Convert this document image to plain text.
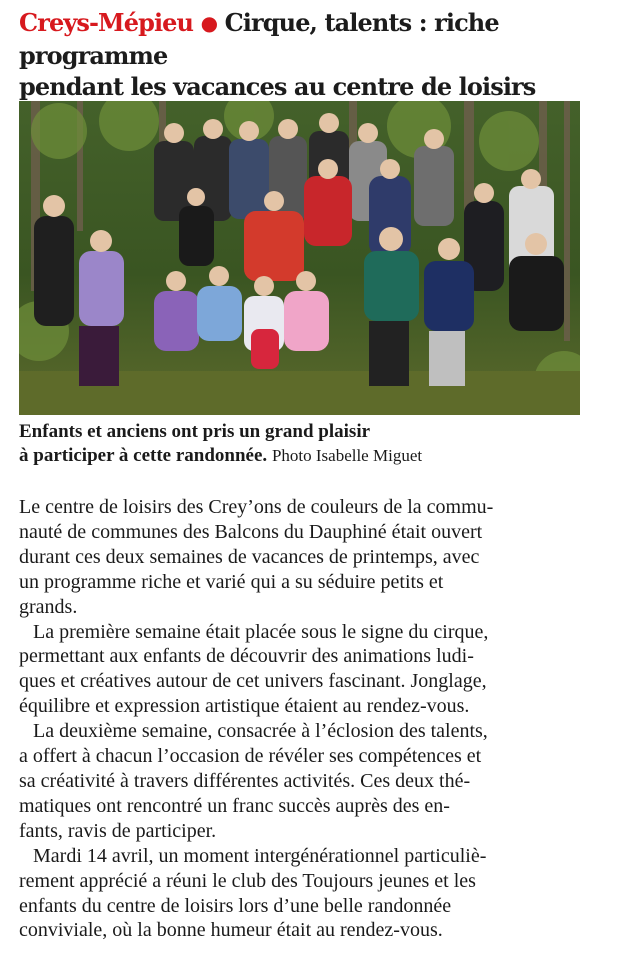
Creys-Mépieu ● Cirque, talents : riche programme
pendant les vacances au centre de loisirs

Enfants et anciens ont pris un grand plaisir
à participer à cette randonnée. Photo Isabelle Miguet

Le centre de loisirs des Crey’ons de couleurs de la commu-
nauté de communes des Balcons du Dauphiné était ouvert
durant ces deux semaines de vacances de printemps, avec
un programme riche et varié qui a su séduire petits et
grands.
La première semaine était placée sous le signe du cirque,
permettant aux enfants de découvrir des animations ludi-
ques et créatives autour de cet univers fascinant. Jonglage,
équilibre et expression artistique étaient au rendez-vous.
La deuxième semaine, consacrée à l’éclosion des talents,
a offert à chacun l’occasion de révéler ses compétences et
sa créativité à travers différentes activités. Ces deux thé-
matiques ont rencontré un franc succès auprès des en-
fants, ravis de participer.
Mardi 14 avril, un moment intergénérationnel particuliè-
rement apprécié a réuni le club des Toujours jeunes et les
enfants du centre de loisirs lors d’une belle randonnée
conviviale, où la bonne humeur était au rendez-vous.
